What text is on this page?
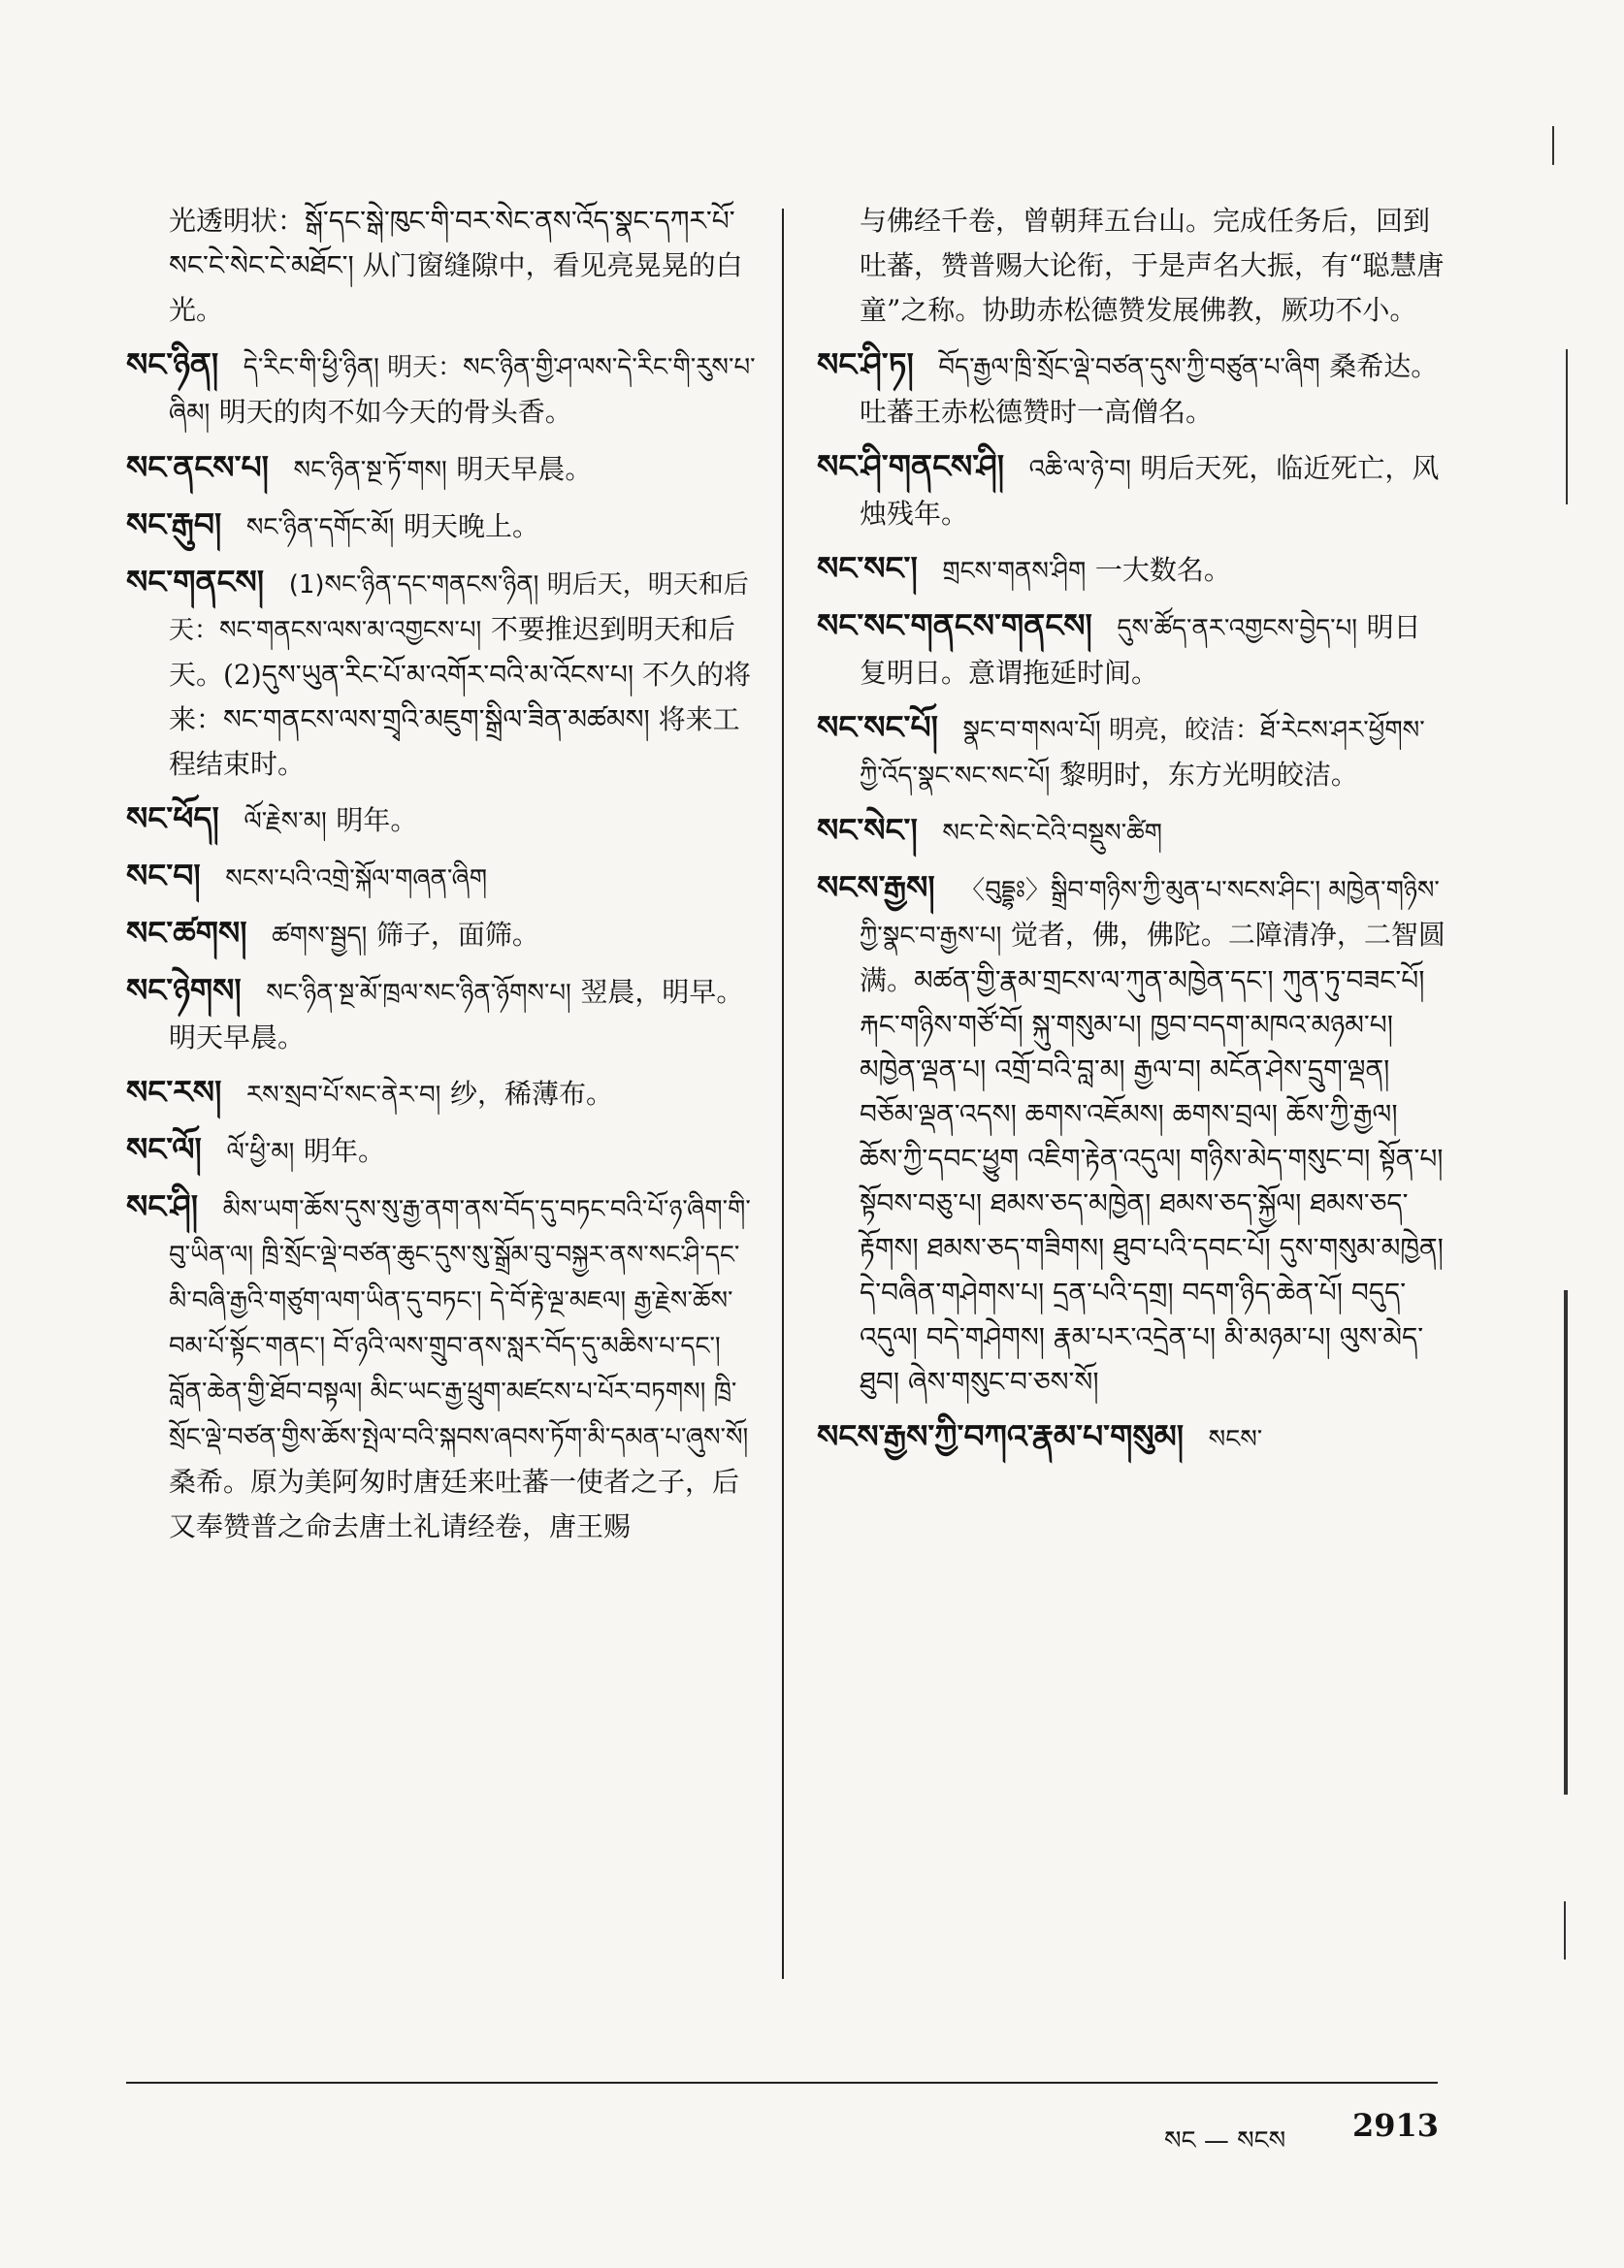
光透明状：སྒོ་དང་སྒེ་ཁུང་གི་བར་སེང་ནས་འོད་སྣང་དཀར་པོ་སང་ངེ་སེང་ངེ་མཐོང་། 从门窗缝隙中，看见亮晃晃的白光。

སང་ཉིན། དེ་རིང་གི་ཕྱི་ཉིན། 明天：སང་ཉིན་གྱི་ཤ་ལས་དེ་རིང་གི་རུས་པ་ཞིམ། 明天的肉不如今天的骨头香。

སང་ནངས་པ། སང་ཉིན་སྔ་ཏོ་གས། 明天早晨。

སང་རྒུབ། སང་ཉིན་དགོང་མོ། 明天晚上。

སང་གནངས། (1)སང་ཉིན་དང་གནངས་ཉིན། 明后天，明天和后天：སང་གནངས་ལས་མ་འགྱངས་པ། 不要推迟到明天和后天。(2)དུས་ཡུན་རིང་པོ་མ་འགོར་བའི་མ་འོངས་པ། 不久的将来：སང་གནངས་ལས་གྲྭའི་མཇུག་སྒྲིལ་ཟིན་མཚམས། 将来工程结束时。

སང་ཕོད། ལོ་རྗེས་མ། 明年。

སང་བ། སངས་པའི་འགྲེ་སྐོལ་གཞན་ཞིག

སང་ཚགས། ཚགས་སྦྱད། 筛子，面筛。

སང་ཉེགས། སང་ཉིན་སྔ་མོ་ཁྲལ་སང་ཉིན་ཉོགས་པ། 翌晨，明早。明天早晨。

སང་རས། རས་སྲབ་པོ་སང་ནེར་བ། 纱，稀薄布。

སང་ལོ། ལོ་ཕྱི་མ། 明年。

སང་ཤི། མིས་ཡག་ཆོས་དུས་སུ་རྒྱ་ནག་ནས་བོད་དུ་བཏང་བའི་པོ་ཉ་ཞིག་གི་བུ་ཡིན་ལ། ཁྲི་སྲོང་ལྡེ་བཙན་ཆུང་དུས་སུ་སྒྲོམ་བུ་བསྐྱར་ནས་སང་ཤི་དང་མི་བཞི་རྒྱའི་གཙུག་ལག་ཡིན་དུ་བཏང་། དེ་བོ་རྟེ་ལྔ་མཇལ། རྒྱ་རྗེས་ཆོས་བམ་པོ་སྟོང་གནང་། བོ་ཉའི་ལས་གྲུབ་ནས་སླར་བོད་དུ་མཆིས་པ་དང་། བློན་ཆེན་གྱི་ཐོབ་བསྟལ། མིང་ཡང་རྒྱ་ཕྲུག་མཛངས་པ་པོར་བཏགས། ཁྲི་སྲོང་ལྡེ་བཙན་གྱིས་ཆོས་སྤེལ་བའི་སྐབས་ཞབས་ཏོག་མི་དམན་པ་ཞུས་སོ། 桑希。原为美阿匆时唐廷来吐蕃一使者之子，后又奉赞普之命去唐土礼请经卷，唐王赐

与佛经千卷，曾朝拜五台山。完成任务后，回到吐蕃，赞普赐大论衔，于是声名大振，有“聪慧唐童”之称。协助赤松德赞发展佛教，厥功不小。

སང་ཤི་ཏ། བོད་རྒྱལ་ཁྲི་སྲོང་ལྡེ་བཙན་དུས་ཀྱི་བཙུན་པ་ཞིག 桑希达。吐蕃王赤松德赞时一高僧名。

སང་ཤི་གནངས་ཤི། འཆི་ལ་ཉེ་བ། 明后天死，临近死亡，风烛残年。

སང་སང་། གྲངས་གནས་ཤིག 一大数名。

སང་སང་གནངས་གནངས། དུས་ཚོད་ནར་འགྱངས་བྱེད་པ། 明日复明日。意谓拖延时间。

སང་སང་པོ། སྣང་བ་གསལ་པོ། 明亮，皎洁：ཐོ་རེངས་ཤར་ཕྱོགས་ཀྱི་འོད་སྣང་སང་སང་པོ། 黎明时，东方光明皎洁。

སང་སེང་། སང་ངེ་སེང་ངེའི་བསྡུས་ཚིག

སངས་རྒྱས། 〈བུདྡྷཿ〉སྒྲིབ་གཉིས་ཀྱི་མུན་པ་སངས་ཤིང་། མཁྱེན་གཉིས་ཀྱི་སྣང་བ་རྒྱས་པ། 觉者，佛，佛陀。二障清净，二智圆满。མཚན་གྱི་རྣམ་གྲངས་ལ་ཀུན་མཁྱེན་དང་། ཀུན་ཏུ་བཟང་པོ། རྐང་གཉིས་གཙོ་བོ། སྐུ་གསུམ་པ། ཁྱབ་བདག་མཁའ་མཉམ་པ། མཁྱེན་ལྡན་པ། འགྲོ་བའི་བླ་མ། རྒྱལ་བ། མངོན་ཤེས་དྲུག་ལྡན། བཅོམ་ལྡན་འདས། ཆགས་འཇོམས། ཆགས་བྲལ། ཆོས་ཀྱི་རྒྱལ། ཆོས་ཀྱི་དབང་ཕྱུག འཇིག་རྟེན་འདུལ། གཉིས་མེད་གསུང་བ། སྟོན་པ། སྟོབས་བཅུ་པ། ཐམས་ཅད་མཁྱེན། ཐམས་ཅད་སྐྱོལ། ཐམས་ཅད་རྟོགས། ཐམས་ཅད་གཟིགས། ཐུབ་པའི་དབང་པོ། དུས་གསུམ་མཁྱེན། དེ་བཞིན་གཤེགས་པ། དྲན་པའི་དགྲ། བདག་ཉིད་ཆེན་པོ། བདུད་འདུལ། བདེ་གཤེགས། རྣམ་པར་འདྲེན་པ། མི་མཉམ་པ། ལུས་མེད་ཐུབ། ཞེས་གསུང་བ་ཅས་སོ།

སངས་རྒྱས་ཀྱི་བཀའ་རྣམ་པ་གསུམ། སངས་

སང — སངས 2913
